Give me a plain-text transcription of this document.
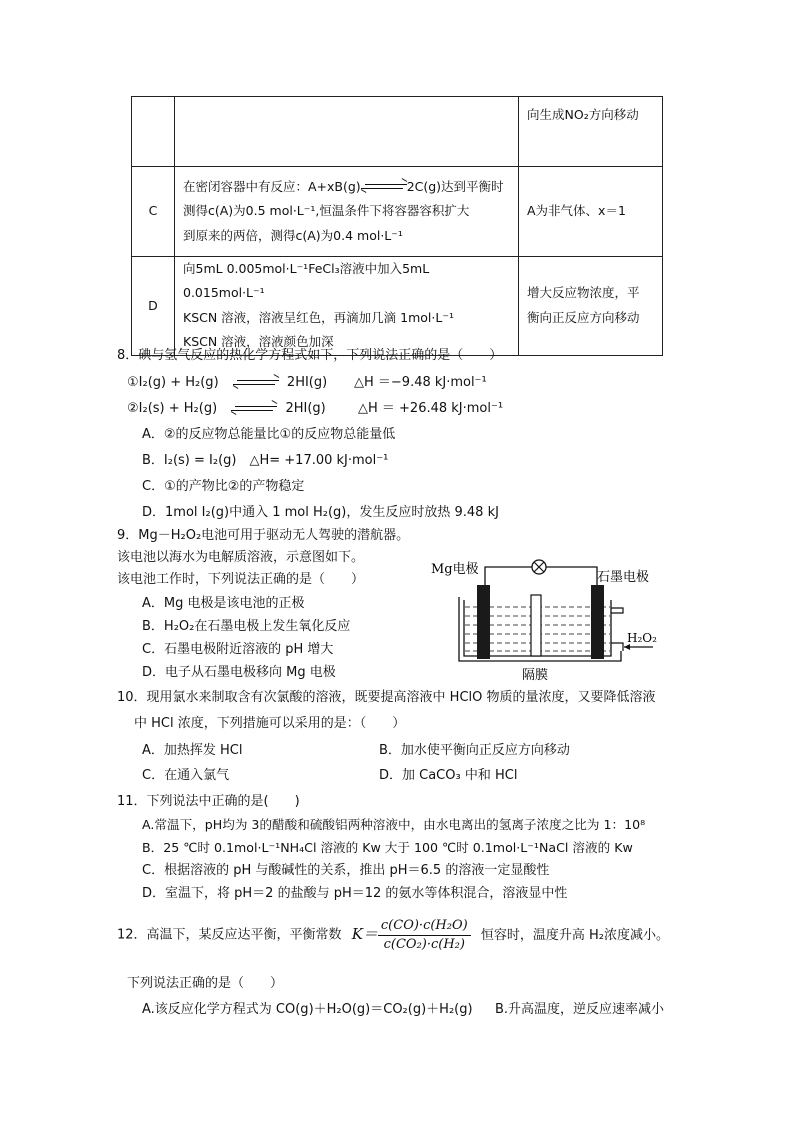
		向生成NO₂方向移动
C	在密闭容器中有反应：A+xB(g) 2C(g)达到平衡时
测得c(A)为0.5 mol·L⁻¹,恒温条件下将容器容积扩大
到原来的两倍，测得c(A)为0.4 mol·L⁻¹	A为非气体、x＝1
D	向5mL 0.005mol·L⁻¹FeCl₃溶液中加入5mL 0.015mol·L⁻¹
KSCN 溶液，溶液呈红色，再滴加几滴 1mol·L⁻¹
KSCN 溶液，溶液颜色加深	增大反应物浓度，平
衡向正反应方向移动
8．碘与氢气反应的热化学方程式如下，下列说法正确的是（　　）
①I₂(g) + H₂(g)	2HI(g) △H ＝−9.48 kJ·mol⁻¹
②I₂(s) + H₂(g)	2HI(g) △H ＝ +26.48 kJ·mol⁻¹
A．②的反应物总能量比①的反应物总能量低
B．I₂(s) = I₂(g)　△H= +17.00 kJ·mol⁻¹
C．①的产物比②的产物稳定
D．1mol I₂(g)中通入 1 mol H₂(g)，发生反应时放热 9.48 kJ
9．Mg－H₂O₂电池可用于驱动无人驾驶的潜航器。
该电池以海水为电解质溶液，示意图如下。
该电池工作时，下列说法正确的是（　　）
A．Mg 电极是该电池的正极
B．H₂O₂在石墨电极上发生氧化反应
C．石墨电极附近溶液的 pH 增大
D．电子从石墨电极移向 Mg 电极
Mg电极
石墨电极
H₂O₂
隔膜
10．现用氯水来制取含有次氯酸的溶液，既要提高溶液中 HClO 物质的量浓度，又要降低溶液
中 HCl 浓度，下列措施可以采用的是：（　　）
A．加热挥发 HCl	B．加水使平衡向正反应方向移动
C．在通入氯气	D．加 CaCO₃ 中和 HCl
11．下列说法中正确的是(　　)
A.常温下，pH均为 3的醋酸和硫酸铝两种溶液中，由水电离出的氢离子浓度之比为 1：10⁸
B．25 ℃时 0.1mol·L⁻¹NH₄Cl 溶液的 Kw 大于 100 ℃时 0.1mol·L⁻¹NaCl 溶液的 Kw
C．根据溶液的 pH 与酸碱性的关系，推出 pH＝6.5 的溶液一定显酸性
D．室温下，将 pH＝2 的盐酸与 pH＝12 的氨水等体积混合，溶液显中性
12．高温下，某反应达平衡，平衡常数 $K= \frac{\text{c(CO)·c(H₂O)}}{\text{c(CO₂)·c(H₂)}}$ 恒容时，温度升高 H₂浓度减小。
下列说法正确的是（　　）
A.该反应化学方程式为 CO(g)＋H₂O(g)＝CO₂(g)＋H₂(g) B.升高温度，逆反应速率减小
